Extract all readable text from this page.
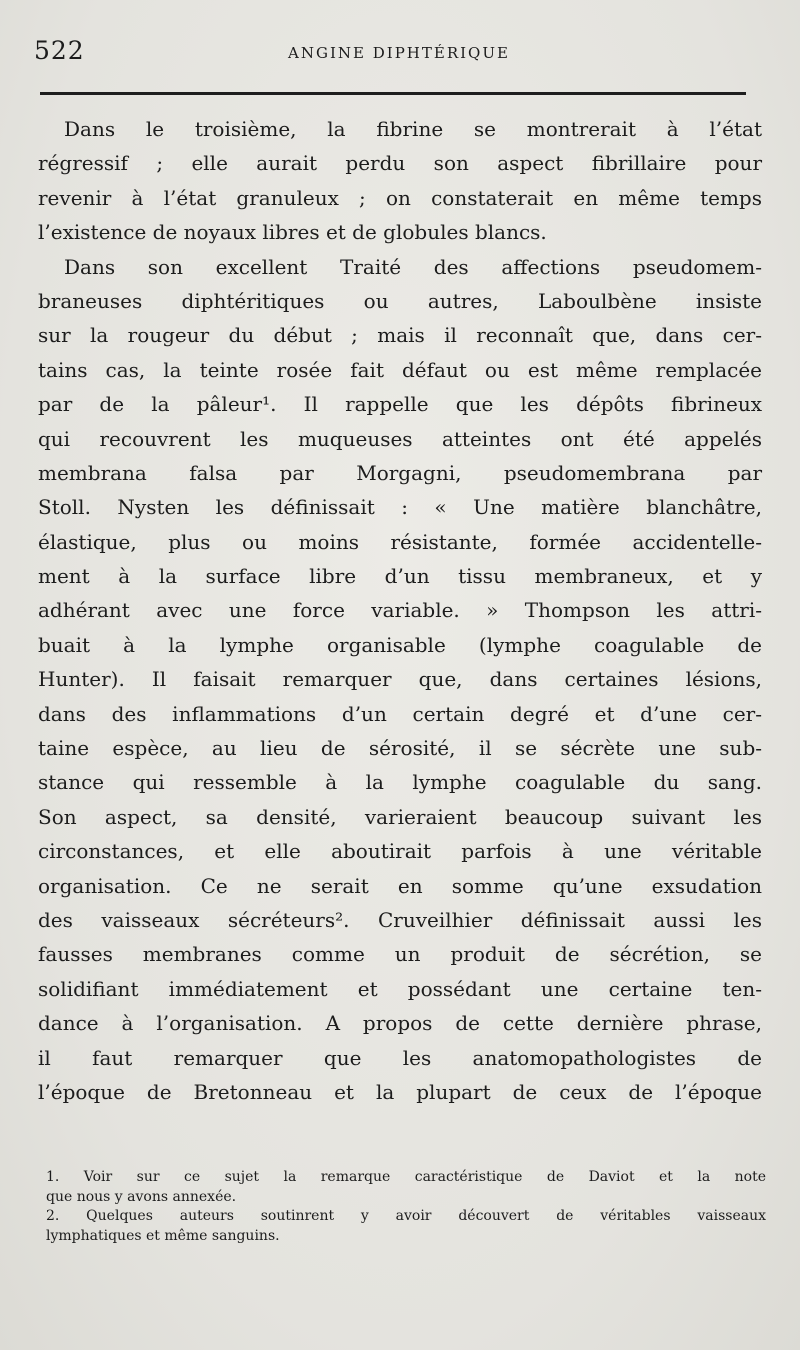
522	ANGINE DIPHTÉRIQUE
Dans le troisième, la fibrine se montrerait à l’état
régressif ; elle aurait perdu son aspect fibrillaire pour
revenir à l’état granuleux ; on constaterait en même temps
l’existence de noyaux libres et de globules blancs.
Dans son excellent Traité des affections pseudomem-
braneuses diphtéritiques ou autres, Laboulbène insiste
sur la rougeur du début ; mais il reconnaît que, dans cer-
tains cas, la teinte rosée fait défaut ou est même remplacée
par de la pâleur¹. Il rappelle que les dépôts fibrineux
qui recouvrent les muqueuses atteintes ont été appelés
membrana falsa par Morgagni, pseudomembrana par
Stoll. Nysten les définissait : « Une matière blanchâtre,
élastique, plus ou moins résistante, formée accidentelle-
ment à la surface libre d’un tissu membraneux, et y
adhérant avec une force variable. » Thompson les attri-
buait à la lymphe organisable (lymphe coagulable de
Hunter). Il faisait remarquer que, dans certaines lésions,
dans des inflammations d’un certain degré et d’une cer-
taine espèce, au lieu de sérosité, il se sécrète une sub-
stance qui ressemble à la lymphe coagulable du sang.
Son aspect, sa densité, varieraient beaucoup suivant les
circonstances, et elle aboutirait parfois à une véritable
organisation. Ce ne serait en somme qu’une exsudation
des vaisseaux sécréteurs². Cruveilhier définissait aussi les
fausses membranes comme un produit de sécrétion, se
solidifiant immédiatement et possédant une certaine ten-
dance à l’organisation. A propos de cette dernière phrase,
il faut remarquer que les anatomopathologistes de
l’époque de Bretonneau et la plupart de ceux de l’époque
1. Voir sur ce sujet la remarque caractéristique de Daviot et la note
que nous y avons annexée.
2. Quelques auteurs soutinrent y avoir découvert de véritables vaisseaux
lymphatiques et même sanguins.
